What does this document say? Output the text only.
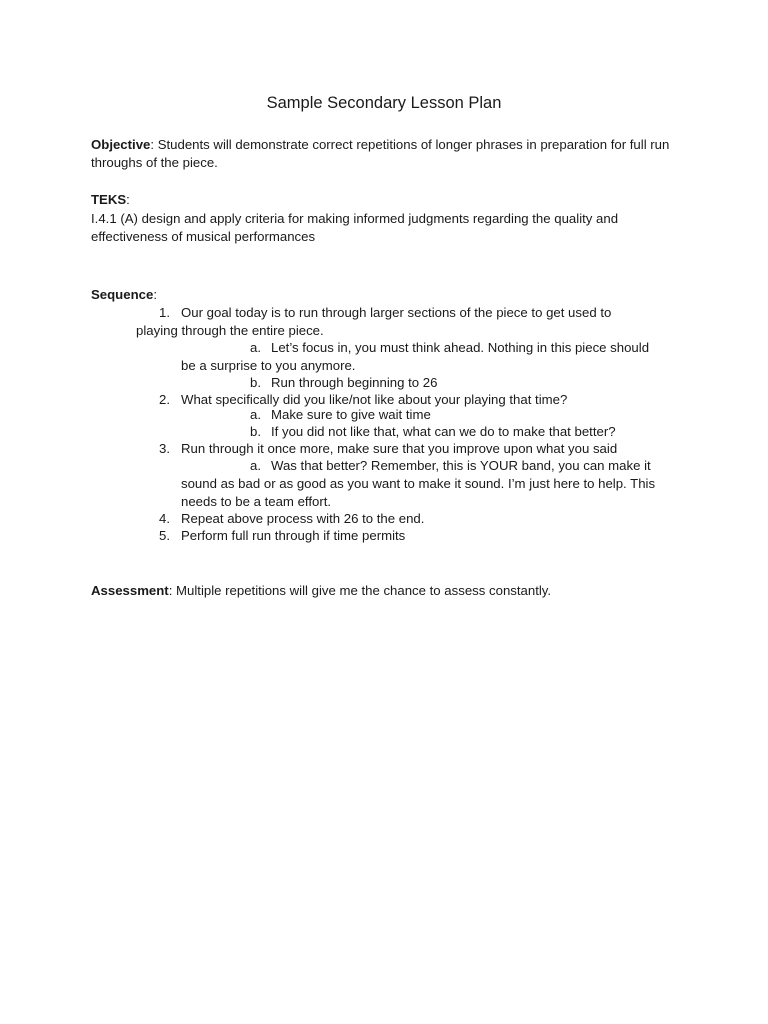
Sample Secondary Lesson Plan
Objective: Students will demonstrate correct repetitions of longer phrases in preparation for full run throughs of the piece.
TEKS:
I.4.1 (A) design and apply criteria for making informed judgments regarding the quality and effectiveness of musical performances
Sequence:
1. Our goal today is to run through larger sections of the piece to get used to
playing through the entire piece.
a. Let’s focus in, you must think ahead. Nothing in this piece should
be a surprise to you anymore.
b. Run through beginning to 26
2. What specifically did you like/not like about your playing that time?
a. Make sure to give wait time
b. If you did not like that, what can we do to make that better?
3. Run through it once more, make sure that you improve upon what you said
a. Was that better? Remember, this is YOUR band, you can make it
sound as bad or as good as you want to make it sound. I’m just here to help. This
needs to be a team effort.
4. Repeat above process with 26 to the end.
5. Perform full run through if time permits
Assessment: Multiple repetitions will give me the chance to assess constantly.
